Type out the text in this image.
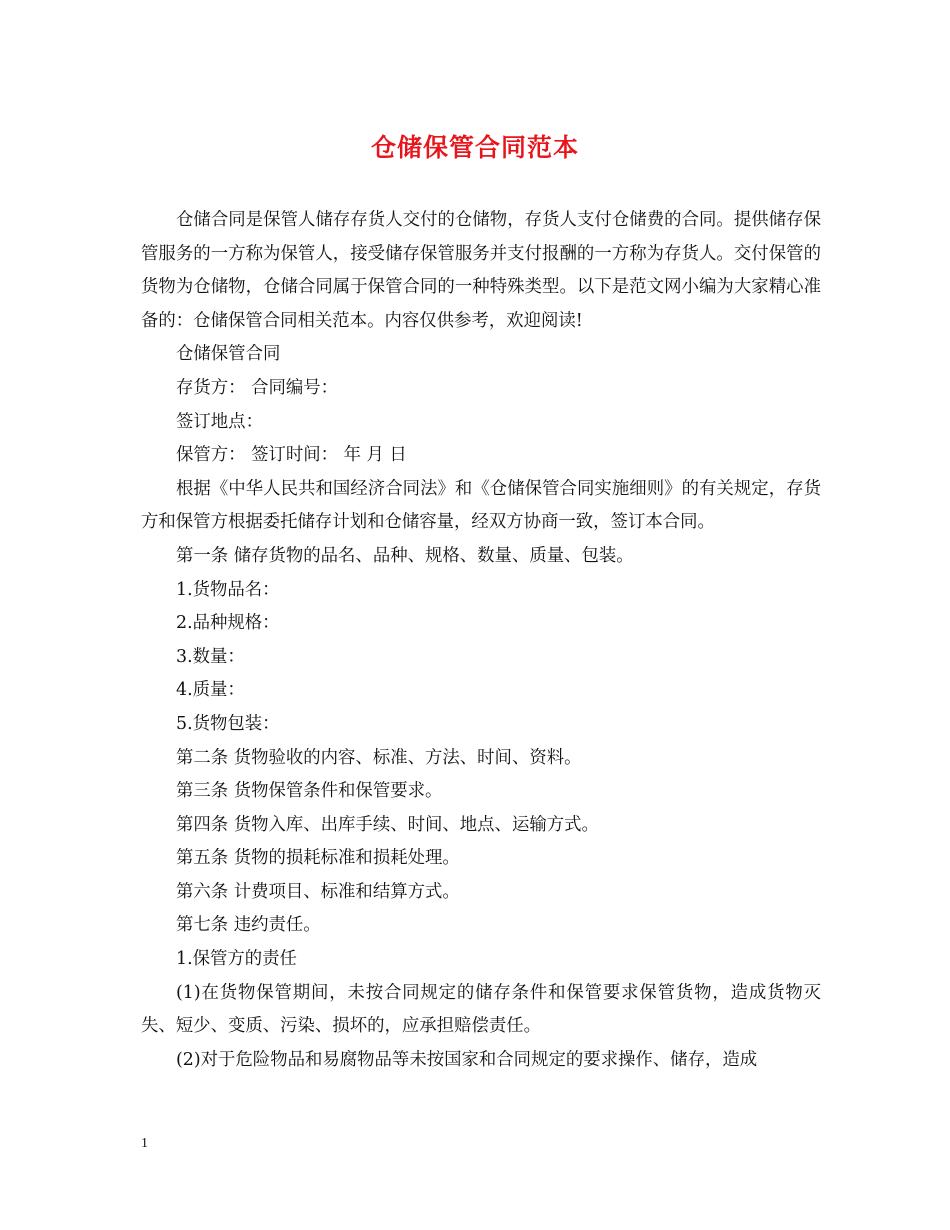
仓储保管合同范本

仓储合同是保管人储存存货人交付的仓储物，存货人支付仓储费的合同。提供储存保管服务的一方称为保管人，接受储存保管服务并支付报酬的一方称为存货人。交付保管的货物为仓储物，仓储合同属于保管合同的一种特殊类型。以下是范文网小编为大家精心准备的：仓储保管合同相关范本。内容仅供参考，欢迎阅读!

仓储保管合同

存货方： 合同编号：

签订地点：

保管方： 签订时间： 年 月 日

根据《中华人民共和国经济合同法》和《仓储保管合同实施细则》的有关规定，存货方和保管方根据委托储存计划和仓储容量，经双方协商一致，签订本合同。

第一条 储存货物的品名、品种、规格、数量、质量、包装。

1.货物品名：

2.品种规格：

3.数量：

4.质量：

5.货物包装：

第二条 货物验收的内容、标准、方法、时间、资料。

第三条 货物保管条件和保管要求。

第四条 货物入库、出库手续、时间、地点、运输方式。

第五条 货物的损耗标准和损耗处理。

第六条 计费项目、标准和结算方式。

第七条 违约责任。

1.保管方的责任

(1)在货物保管期间，未按合同规定的储存条件和保管要求保管货物，造成货物灭失、短少、变质、污染、损坏的，应承担赔偿责任。

(2)对于危险物品和易腐物品等未按国家和合同规定的要求操作、储存，造成

1
